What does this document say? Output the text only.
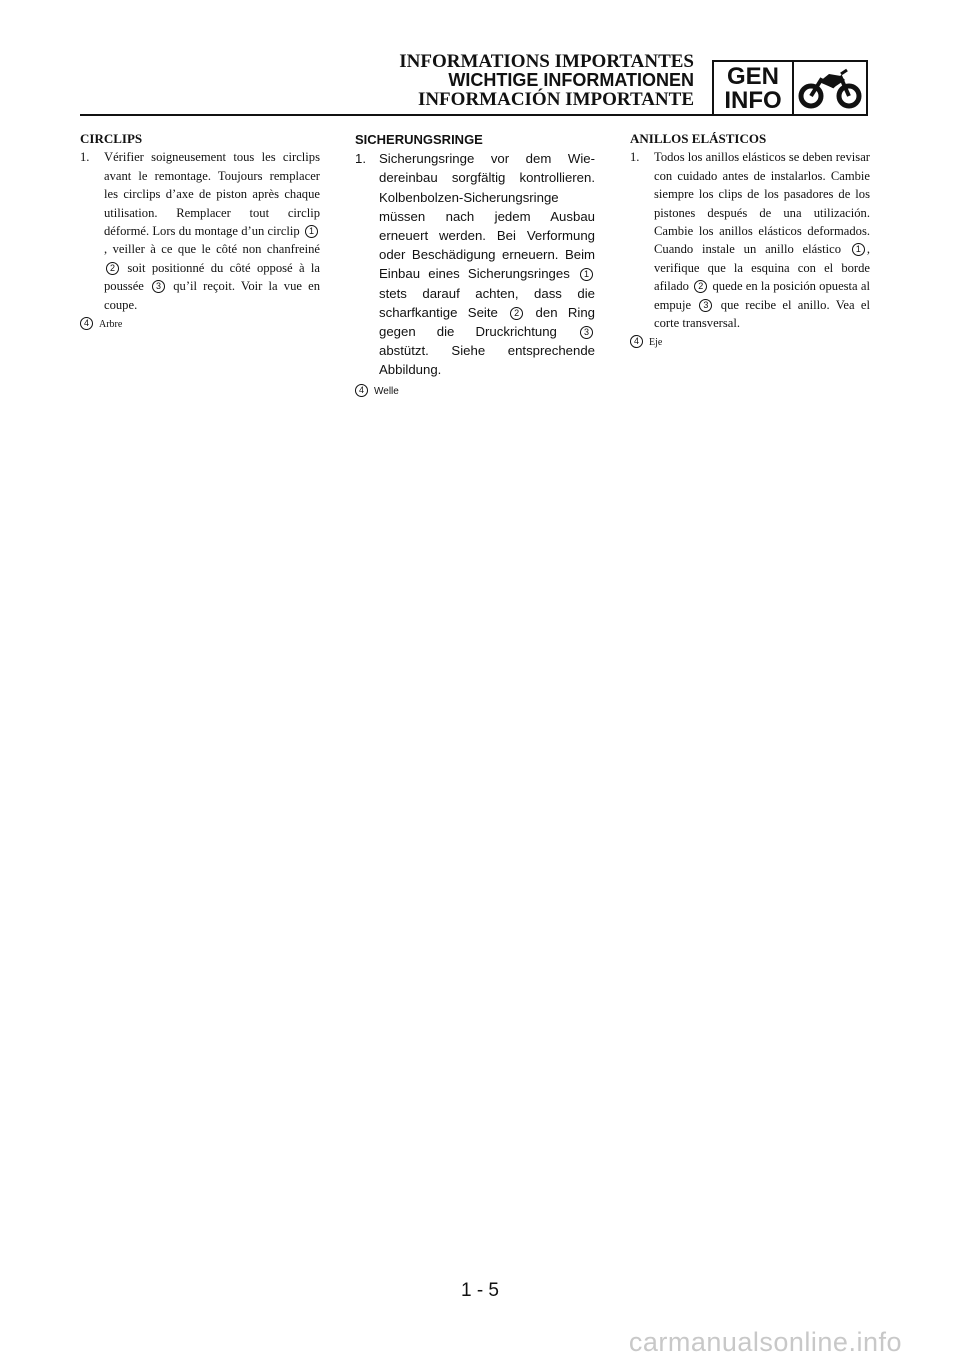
INFORMATIONS IMPORTANTES
WICHTIGE INFORMATIONEN
INFORMACIÓN IMPORTANTE
GEN
INFO
CIRCLIPS
1.	Vérifier soigneusement tous les circlips avant le remontage. Toujours remplacer les circlips d’axe de piston après chaque utilisation. Remplacer tout circlip déformé. Lors du montage d’un circlip 1, veiller à ce que le côté non chanfreiné 2 soit positionné du côté opposé à la poussée 3 qu’il reçoit. Voir la vue en coupe.
4 Arbre
SICHERUNGSRINGE
1. Sicherungsringe vor dem Wiedereinbau sorgfältig kontrollieren. Kolbenbolzen-Sicherungsringe müssen nach jedem Ausbau erneuert werden. Bei Verformung oder Beschädigung erneuern. Beim Einbau eines Sicherungsringes 1 stets darauf achten, dass die scharfkantige Seite 2 den Ring gegen die Druckrichtung	3 abstützt. Siehe entsprechende Abbildung.
4 Welle
ANILLOS ELÁSTICOS
1.	Todos los anillos elásticos se deben revisar con cuidado antes de instalarlos. Cambie siempre los clips de los pasadores de los pistones después de una utilización. Cambie los anillos elásticos deformados. Cuando instale un anillo elástico 1 , verifique que la esquina con el borde afilado 2 quede en la posición opuesta al empuje 3 que recibe el anillo. Vea el corte transversal.
4 Eje
1 - 5
carmanualsonline.info
